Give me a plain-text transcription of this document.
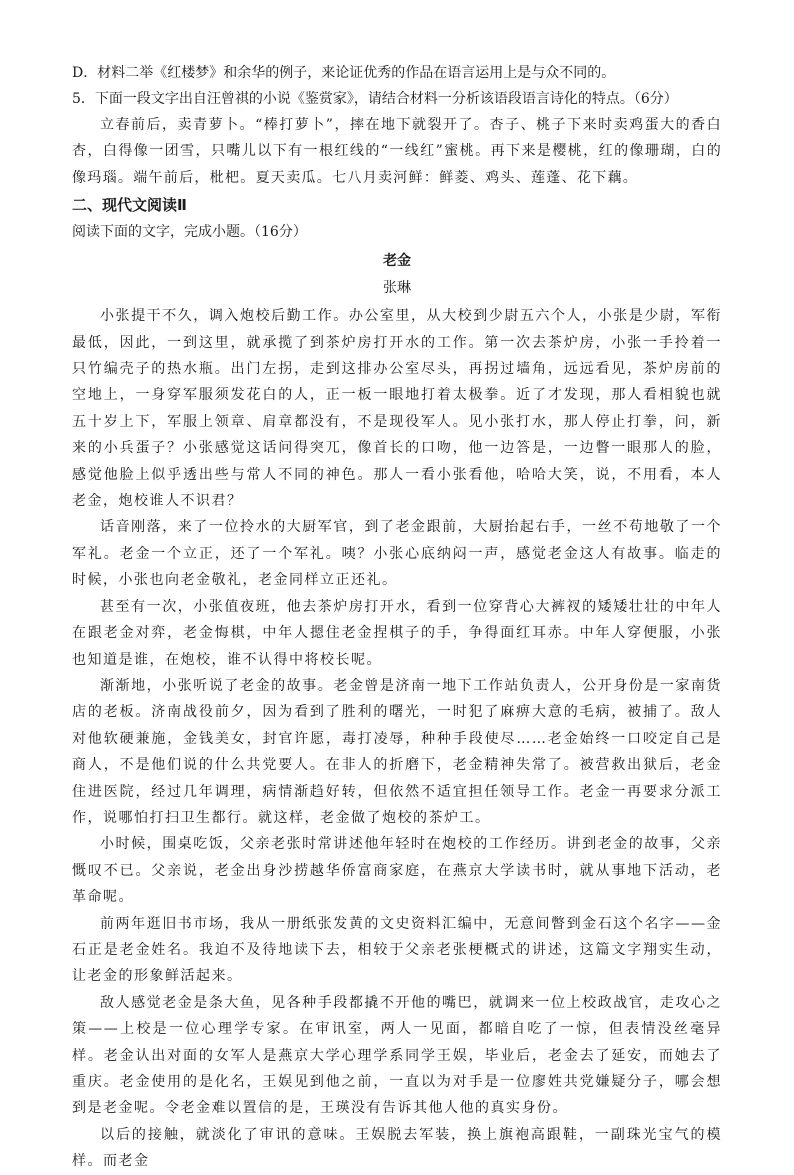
D．材料二举《红楼梦》和余华的例子，来论证优秀的作品在语言运用上是与众不同的。

5．下面一段文字出自汪曾祺的小说《鉴赏家》，请结合材料一分析该语段语言诗化的特点。（6分）

立春前后，卖青萝卜。“棒打萝卜”，摔在地下就裂开了。杏子、桃子下来时卖鸡蛋大的香白杏，白得像一团雪，只嘴儿以下有一根红线的“一线红”蜜桃。再下来是樱桃，红的像珊瑚，白的像玛瑙。端午前后，枇杷。夏天卖瓜。七八月卖河鲜：鲜菱、鸡头、莲蓬、花下藕。

二、现代文阅读Ⅱ

阅读下面的文字，完成小题。（16分）

老金

张琳

小张提干不久，调入炮校后勤工作。办公室里，从大校到少尉五六个人，小张是少尉，军衔最低，因此，一到这里，就承揽了到茶炉房打开水的工作。第一次去茶炉房，小张一手拎着一只竹编壳子的热水瓶。出门左拐，走到这排办公室尽头，再拐过墙角，远远看见，茶炉房前的空地上，一身穿军服须发花白的人，正一板一眼地打着太极拳。近了才发现，那人看相貌也就五十岁上下，军服上领章、肩章都没有，不是现役军人。见小张打水，那人停止打拳，问，新来的小兵蛋子？小张感觉这话问得突兀，像首长的口吻，他一边答是，一边瞥一眼那人的脸，感觉他脸上似乎透出些与常人不同的神色。那人一看小张看他，哈哈大笑，说，不用看，本人老金，炮校谁人不识君？

话音刚落，来了一位拎水的大厨军官，到了老金跟前，大厨抬起右手，一丝不苟地敬了一个军礼。老金一个立正，还了一个军礼。咦？小张心底纳闷一声，感觉老金这人有故事。临走的时候，小张也向老金敬礼，老金同样立正还礼。

甚至有一次，小张值夜班，他去茶炉房打开水，看到一位穿背心大裤衩的矮矮壮壮的中年人在跟老金对弈，老金悔棋，中年人摁住老金捏棋子的手，争得面红耳赤。中年人穿便服，小张也知道是谁，在炮校，谁不认得中将校长呢。

渐渐地，小张听说了老金的故事。老金曾是济南一地下工作站负责人，公开身份是一家南货店的老板。济南战役前夕，因为看到了胜利的曙光，一时犯了麻痹大意的毛病，被捕了。敌人对他软硬兼施，金钱美女，封官许愿，毒打凌辱，种种手段使尽……老金始终一口咬定自己是商人，不是他们说的什么共党要人。在非人的折磨下，老金精神失常了。被营救出狱后，老金住进医院，经过几年调理，病情渐趋好转，但依然不适宜担任领导工作。老金一再要求分派工作，说哪怕打扫卫生都行。就这样，老金做了炮校的茶炉工。

小时候，围桌吃饭，父亲老张时常讲述他年轻时在炮校的工作经历。讲到老金的故事，父亲慨叹不已。父亲说，老金出身沙捞越华侨富商家庭，在燕京大学读书时，就从事地下活动，老革命呢。

前两年逛旧书市场，我从一册纸张发黄的文史资料汇编中，无意间瞥到金石这个名字——金石正是老金姓名。我迫不及待地读下去，相较于父亲老张梗概式的讲述，这篇文字翔实生动，让老金的形象鲜活起来。

敌人感觉老金是条大鱼，见各种手段都撬不开他的嘴巴，就调来一位上校政战官，走攻心之策——上校是一位心理学专家。在审讯室，两人一见面，都暗自吃了一惊，但表情没丝毫异样。老金认出对面的女军人是燕京大学心理学系同学王娱，毕业后，老金去了延安，而她去了重庆。老金使用的是化名，王娱见到他之前，一直以为对手是一位廖姓共党嫌疑分子，哪会想到是老金呢。令老金难以置信的是，王瑛没有告诉其他人他的真实身份。

以后的接触，就淡化了审讯的意味。王娱脱去军装，换上旗袍高跟鞋，一副珠光宝气的模样。而老金
